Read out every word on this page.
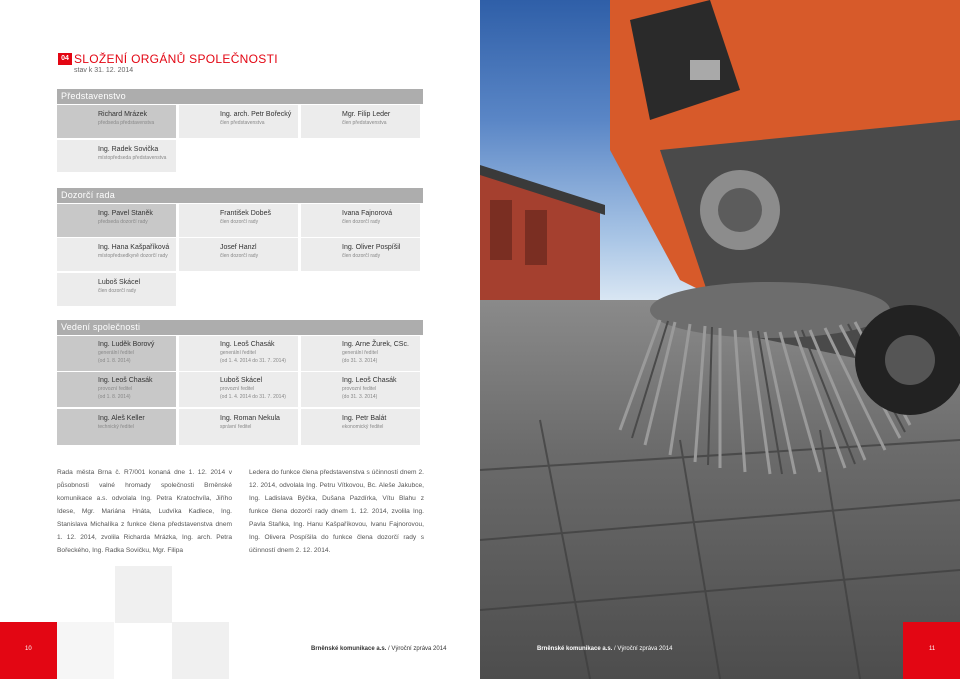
04 SLOŽENÍ ORGÁNŮ SPOLEČNOSTI
stav k 31. 12. 2014
Představenstvo
Richard Mrázek
předseda představenstva
Ing. arch. Petr Bořecký
člen představenstva
Mgr. Filip Leder
člen představenstva
Ing. Radek Sovička
místopředseda představenstva
Dozorčí rada
Ing. Pavel Staněk
předseda dozorčí rady
František Dobeš
člen dozorčí rady
Ivana Fajnorová
člen dozorčí rady
Ing. Hana Kašpaříková
místopředsedkyně dozorčí rady
Josef Hanzl
člen dozorčí rady
Ing. Oliver Pospíšil
člen dozorčí rady
Luboš Skácel
člen dozorčí rady
Vedení společnosti
Ing. Luděk Borový
generální ředitel
(od 1. 8. 2014)
Ing. Leoš Chasák
generální ředitel
(od 1. 4. 2014 do 31. 7. 2014)
Ing. Arne Žurek, CSc.
generální ředitel
(do 31. 3. 2014)
Ing. Leoš Chasák
provozní ředitel
(od 1. 8. 2014)
Luboš Skácel
provozní ředitel
(od 1. 4. 2014 do 31. 7. 2014)
Ing. Leoš Chasák
provozní ředitel
(do 31. 3. 2014)
Ing. Aleš Keller
technický ředitel
Ing. Roman Nekula
správní ředitel
Ing. Petr Balát
ekonomický ředitel
Rada města Brna č. R7/001 konaná dne 1. 12. 2014 v působnosti valné hromady společnosti Brněnské komunikace a.s. odvolala Ing. Petra Kratochvíla, Jiřího Idese, Mgr. Mariána Hnáta, Ludvíka Kadlece, Ing. Stanislava Michalíka z funkce člena představenstva dnem 1. 12. 2014, zvolila Richarda Mrázka, Ing. arch. Petra Bořeckého, Ing. Radka Sovičku, Mgr. Filipa
Ledera do funkce člena představenstva s účinností dnem 2. 12. 2014, odvolala Ing. Petru Vítkovou, Bc. Aleše Jakubce, Ing. Ladislava Býčka, Dušana Pazdírka, Vítu Blahu z funkce člena dozorčí rady dnem 1. 12. 2014, zvolila Ing. Pavla Staňka, Ing. Hanu Kašpaříkovou, Ivanu Fajnorovou, Ing. Olivera Pospíšila do funkce člena dozorčí rady s účinností dnem 2. 12. 2014.
10	Brněnské komunikace a.s. / Výroční zpráva 2014	11
Brněnské komunikace a.s. / Výroční zpráva 2014
